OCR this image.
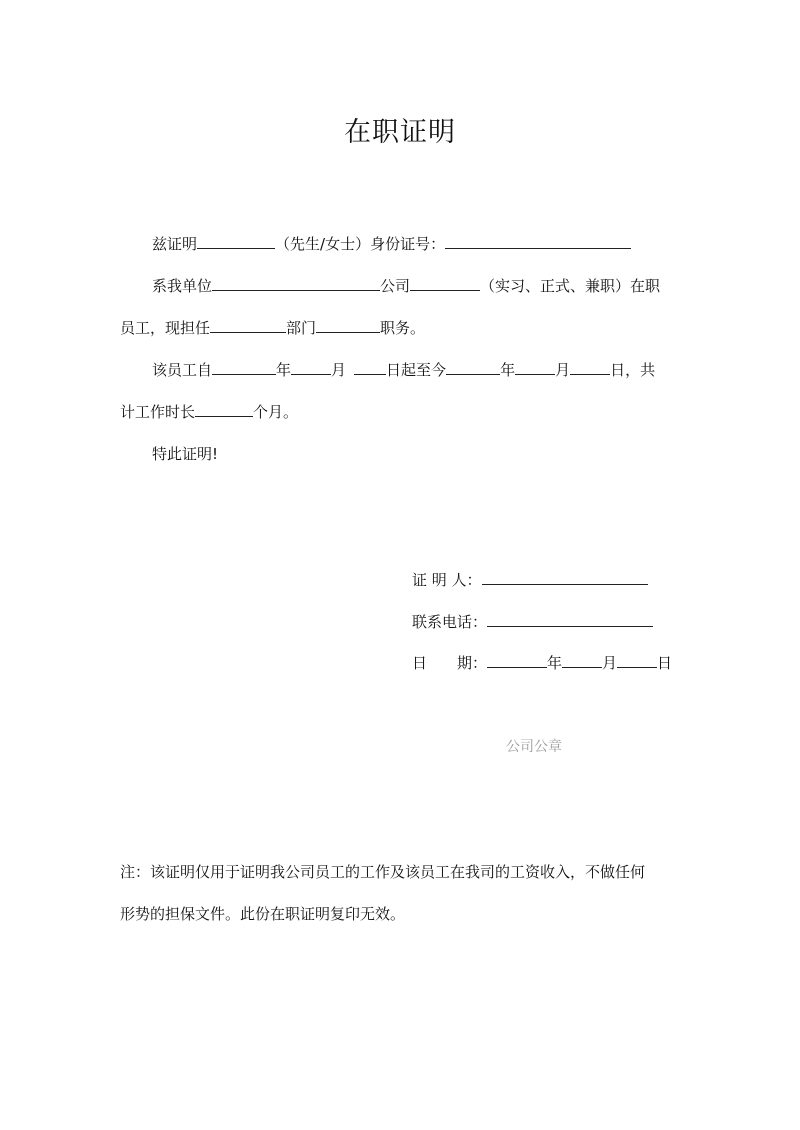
在职证明
兹证明	（先生/女士）身份证号：
系我单位	公司	（实习、正式、兼职）在职
员工，现担任	部门	职务。
该员工自	年	月	日起至今	年	月	日，共
计工作时长	个月。
特此证明!
证 明 人：
联系电话：
日　　期：	年	月	日
公司公章
注：该证明仅用于证明我公司员工的工作及该员工在我司的工资收入，不做任何
形势的担保文件。此份在职证明复印无效。
